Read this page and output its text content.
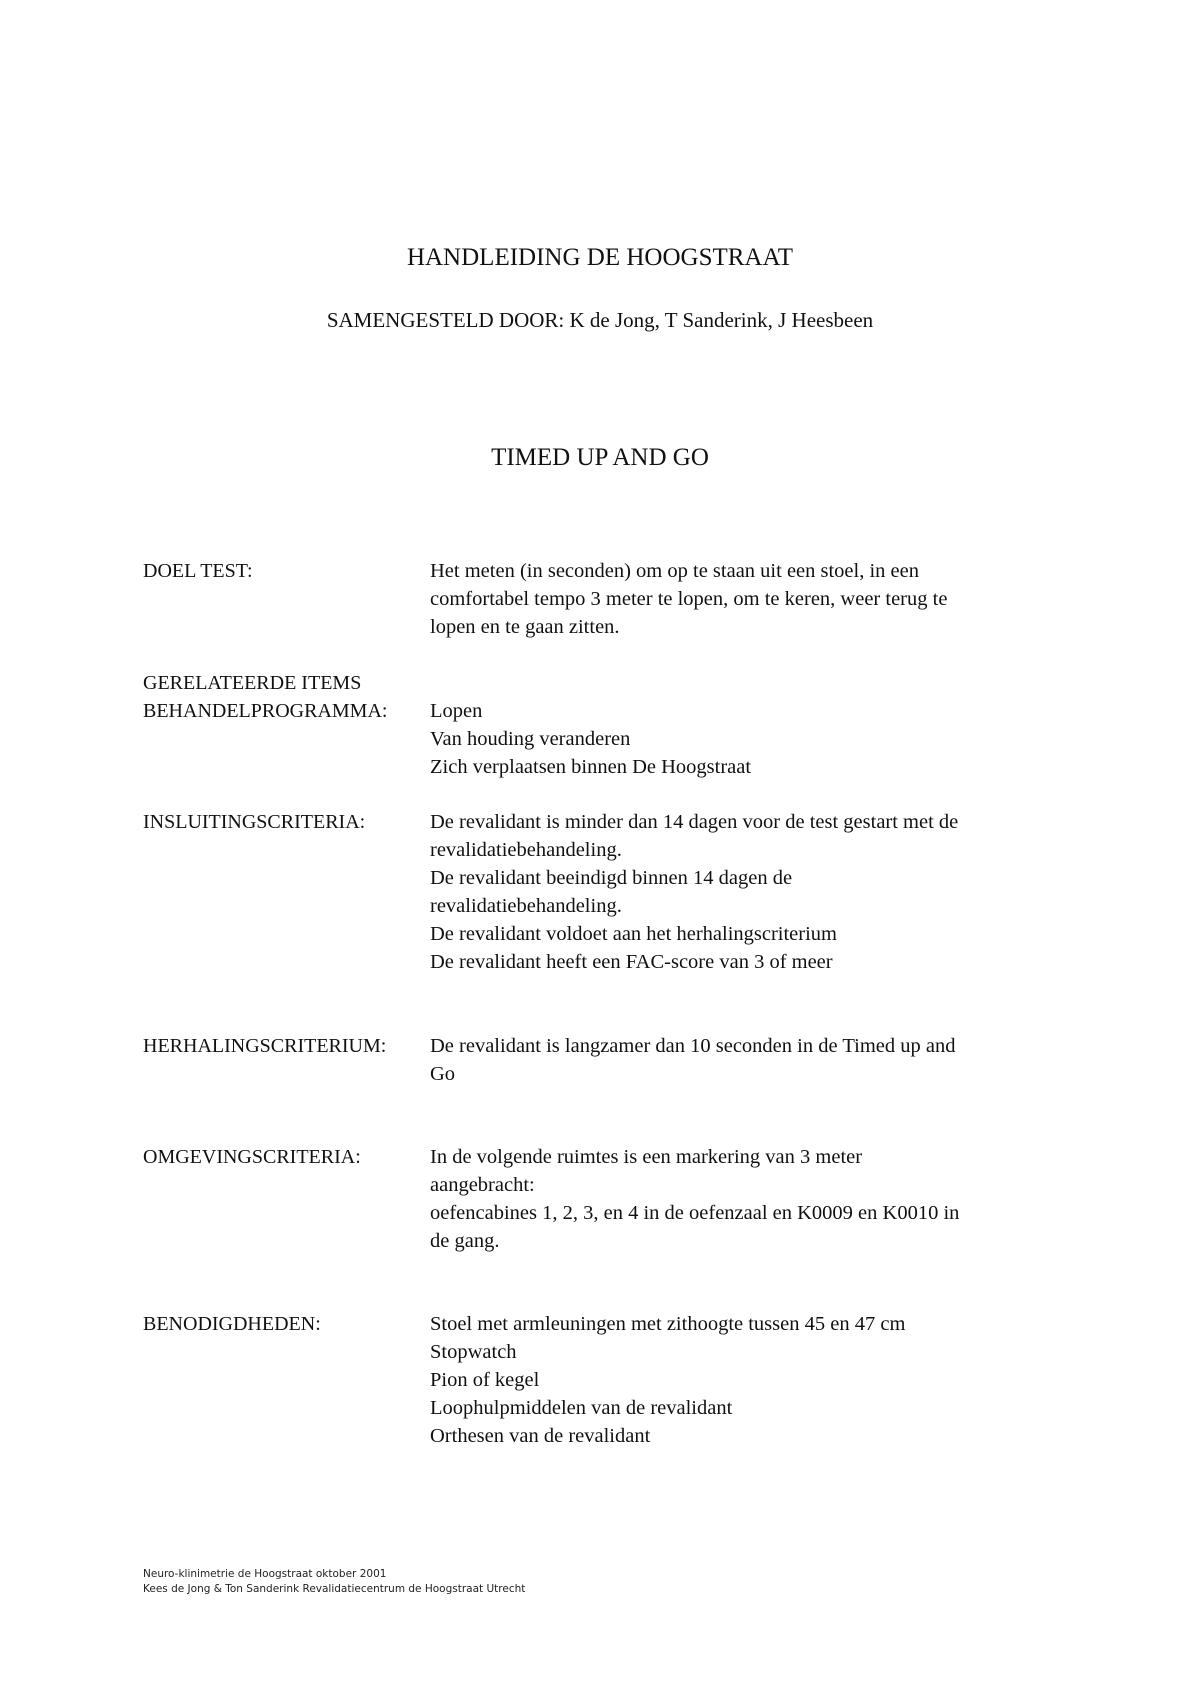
HANDLEIDING DE HOOGSTRAAT
SAMENGESTELD DOOR: K de Jong, T Sanderink, J Heesbeen
TIMED UP AND GO
DOEL TEST:	Het meten (in seconden) om op te staan uit een stoel, in een
comfortabel tempo 3 meter te lopen, om te keren, weer terug te
lopen en te gaan zitten.
GERELATEERDE ITEMS
BEHANDELPROGRAMMA:	Lopen
Van houding veranderen
Zich verplaatsen binnen De Hoogstraat
INSLUITINGSCRITERIA:	De revalidant is minder dan 14 dagen voor de test gestart met de
revalidatiebehandeling.
De revalidant beeindigd binnen 14 dagen de
revalidatiebehandeling.
De revalidant voldoet aan het herhalingscriterium
De revalidant heeft een FAC-score van 3 of meer
HERHALINGSCRITERIUM:	De revalidant is langzamer dan 10 seconden in de Timed up and
Go
OMGEVINGSCRITERIA:	In de volgende ruimtes is een markering van 3 meter
aangebracht:
oefencabines 1, 2, 3, en 4 in de oefenzaal en K0009 en K0010 in
de gang.
BENODIGDHEDEN:	Stoel met armleuningen met zithoogte tussen 45 en 47 cm
Stopwatch
Pion of kegel
Loophulpmiddelen van de revalidant
Orthesen van de revalidant
Neuro-klinimetrie de Hoogstraat oktober 2001
Kees de Jong & Ton Sanderink Revalidatiecentrum de Hoogstraat Utrecht
